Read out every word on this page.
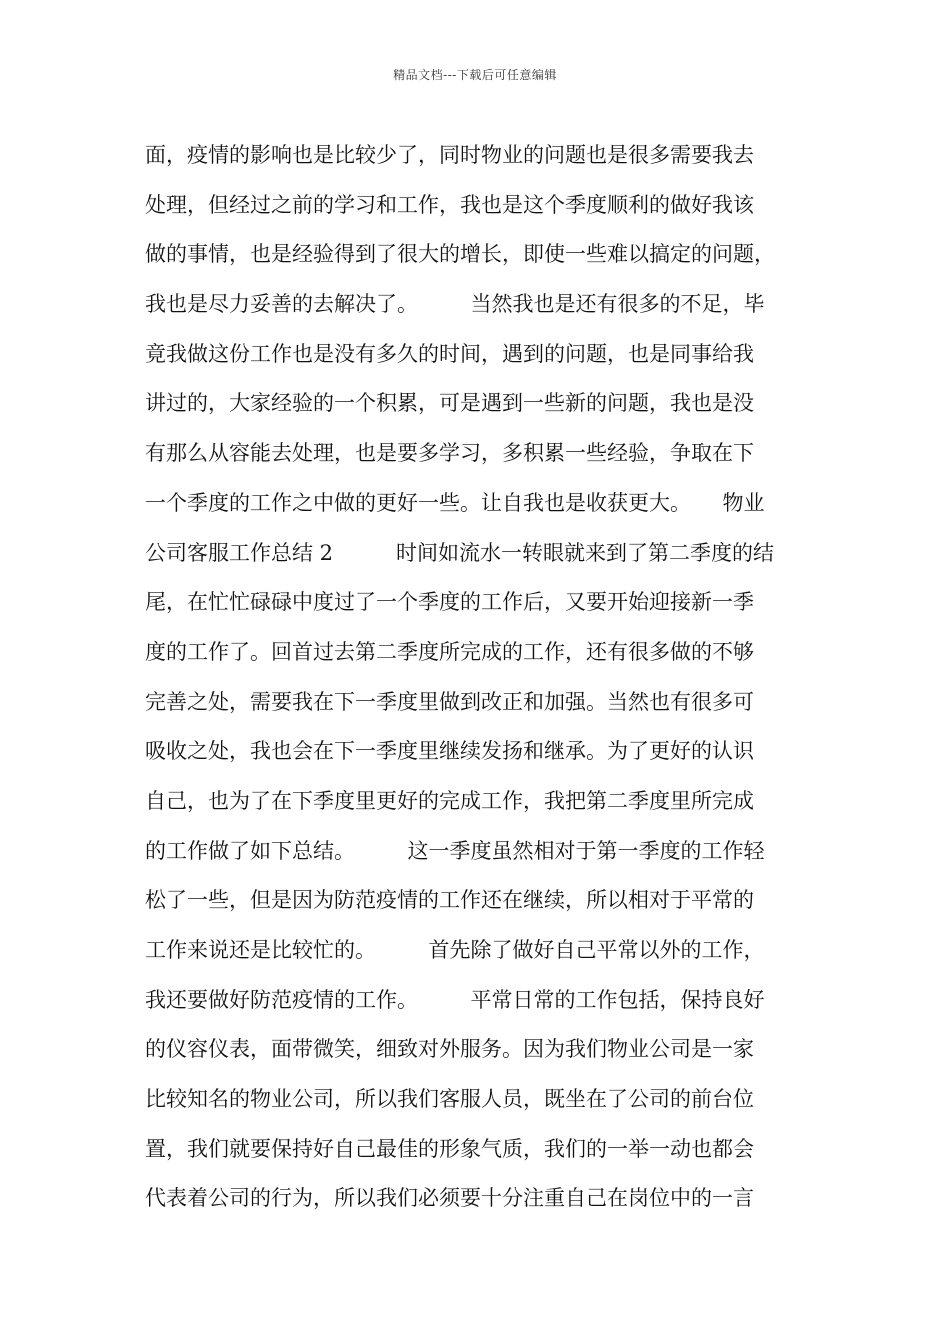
精品文档---下载后可任意编辑
面，疫情的影响也是比较少了，同时物业的问题也是很多需要我去
处理，但经过之前的学习和工作，我也是这个季度顺利的做好我该
做的事情，也是经验得到了很大的增长，即使一些难以搞定的问题，
我也是尽力妥善的去解决了。　　　当然我也是还有很多的不足，毕
竟我做这份工作也是没有多久的时间，遇到的问题，也是同事给我
讲过的，大家经验的一个积累，可是遇到一些新的问题，我也是没
有那么从容能去处理，也是要多学习，多积累一些经验，争取在下
一个季度的工作之中做的更好一些。让自我也是收获更大。　　物业
公司客服工作总结 2　　　时间如流水一转眼就来到了第二季度的结
尾，在忙忙碌碌中度过了一个季度的工作后，又要开始迎接新一季
度的工作了。回首过去第二季度所完成的工作，还有很多做的不够
完善之处，需要我在下一季度里做到改正和加强。当然也有很多可
吸收之处，我也会在下一季度里继续发扬和继承。为了更好的认识
自己，也为了在下季度里更好的完成工作，我把第二季度里所完成
的工作做了如下总结。　　　这一季度虽然相对于第一季度的工作轻
松了一些，但是因为防范疫情的工作还在继续，所以相对于平常的
工作来说还是比较忙的。　　　首先除了做好自己平常以外的工作，
我还要做好防范疫情的工作。　　　平常日常的工作包括，保持良好
的仪容仪表，面带微笑，细致对外服务。因为我们物业公司是一家
比较知名的物业公司，所以我们客服人员，既坐在了公司的前台位
置，我们就要保持好自己最佳的形象气质，我们的一举一动也都会
代表着公司的行为，所以我们必须要十分注重自己在岗位中的一言
